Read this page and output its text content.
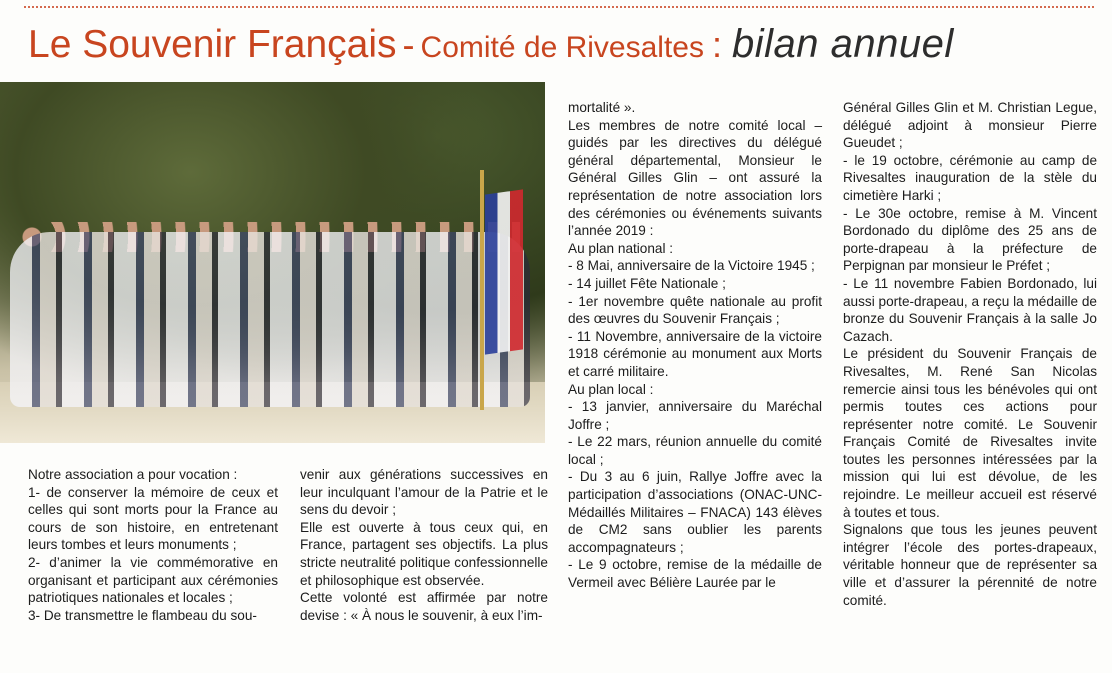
Le Souvenir Français - Comité de Rivesaltes : bilan annuel

Notre association a pour vocation :

1- de conserver la mémoire de ceux et celles qui sont morts pour la France au cours de son histoire, en entretenant leurs tombes et leurs monuments ;

2- d’animer la vie commémorative en organisant et participant aux cérémonies patriotiques nationales et locales ;

3- De transmettre le flambeau du sou-

venir aux générations successives en leur inculquant l’amour de la Patrie et le sens du devoir ;

Elle est ouverte à tous ceux qui, en France, partagent ses objectifs. La plus stricte neutralité politique confessionnelle et philosophique est observée.

Cette volonté est affirmée par notre devise : « À nous le souvenir, à eux l’im-

mortalité ».

Les membres de notre comité local – guidés par les directives du délégué général départemental, Monsieur le Général Gilles Glin – ont assuré la représentation de notre association lors des cérémonies ou événements suivants l’année 2019 :

Au plan national :

- 8 Mai, anniversaire de la Victoire 1945 ;

- 14 juillet Fête Nationale ;

- 1er novembre quête nationale au profit des œuvres du Souvenir Français ;

- 11 Novembre, anniversaire de la victoire 1918 cérémonie au monument aux Morts et carré militaire.

Au plan local :

- 13 janvier, anniversaire du Maréchal Joffre ;

- Le 22 mars, réunion annuelle du comité local ;

- Du 3 au 6 juin, Rallye Joffre avec la participation d’associations (ONAC-UNC-Médaillés Militaires – FNACA) 143 élèves de CM2 sans oublier les parents accompagnateurs ;

- Le 9 octobre, remise de la médaille de Vermeil avec Bélière Laurée par le

Général Gilles Glin et M. Christian Legue, délégué adjoint à monsieur Pierre Gueudet ;

- le 19 octobre, cérémonie au camp de Rivesaltes inauguration de la stèle du cimetière Harki ;

- Le 30e octobre, remise à M. Vincent Bordonado du diplôme des 25 ans de porte-drapeau à la préfecture de Perpignan par monsieur le Préfet ;

- Le 11 novembre Fabien Bordonado, lui aussi porte-drapeau, a reçu la médaille de bronze du Souvenir Français à la salle Jo Cazach.

Le président du Souvenir Français de Rivesaltes, M. René San Nicolas remercie ainsi tous les bénévoles qui ont permis toutes ces actions pour représenter notre comité. Le Souvenir Français Comité de Rivesaltes invite toutes les personnes intéressées par la mission qui lui est dévolue, de les rejoindre. Le meilleur accueil est réservé à toutes et tous.

Signalons que tous les jeunes peuvent intégrer l’école des portes-drapeaux, véritable honneur que de représenter sa ville et d’assurer la pérennité de notre comité.
